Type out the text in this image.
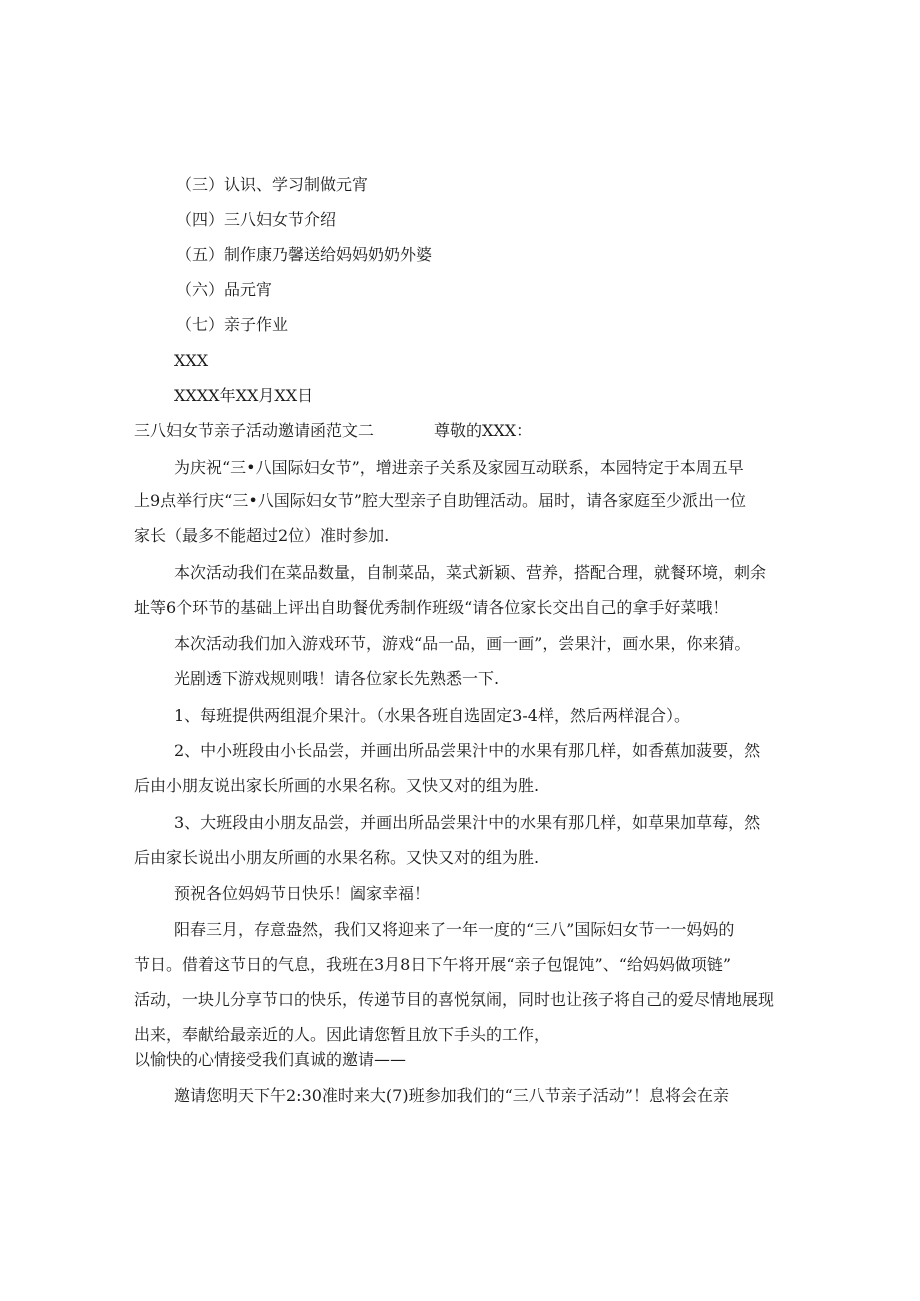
（三）认识、学习制做元宵
（四）三八妇女节介绍
（五）制作康乃馨送给妈妈奶奶外婆
（六）品元宵
（七）亲子作业
XXX
XXXX年XX月XX日
三八妇女节亲子活动邀请函范文二	尊敬的XXX：
为庆祝“三•八国际妇女节”，增进亲子关系及家园互动联系，本园特定于本周五早
上9点举行庆“三•八国际妇女节”腔大型亲子自助锂活动。届时，请各家庭至少派出一位
家长（最多不能超过2位）准时参加.
本次活动我们在菜品数量，自制菜品，菜式新颖、营养，搭配合理，就餐环境，刺余
址等6个环节的基础上评出自助餐优秀制作班级“请各位家长交出自己的拿手好菜哦！
本次活动我们加入游戏环节，游戏“品一品，画一画”，尝果汁，画水果，你来猜。
光剧透下游戏规则哦！请各位家长先熟悉一下.
1、每班提供两组混介果汁。（水果各班自选固定3-4样，然后两样混合）。
2、中小班段由小长品尝，并画出所品尝果汁中的水果有那几样，如香蕉加菠要，然
后由小朋友说出家长所画的水果名称。又快又对的组为胜.
3、大班段由小朋友品尝，并画出所品尝果汁中的水果有那几样，如草果加草莓，然
后由家长说出小朋友所画的水果名称。又快又对的组为胜.
预祝各位妈妈节日快乐！阖家幸福！
阳春三月，存意盎然，我们又将迎来了一年一度的“三八”国际妇女节一一妈妈的
节日。借着这节日的气息，我班在3月8日下午将开展“亲子包馄饨”、“给妈妈做项链”
活动，一块儿分享节口的快乐，传递节目的喜悦氛闹，同时也让孩子将自己的爱尽情地展现
出来，奉献给最亲近的人。因此请您暂且放下手头的工作，
以愉快的心情接受我们真诚的邀请——
邀请您明天下午2:30准时来大(7)班参加我们的“三八节亲子活动”！息将会在亲
